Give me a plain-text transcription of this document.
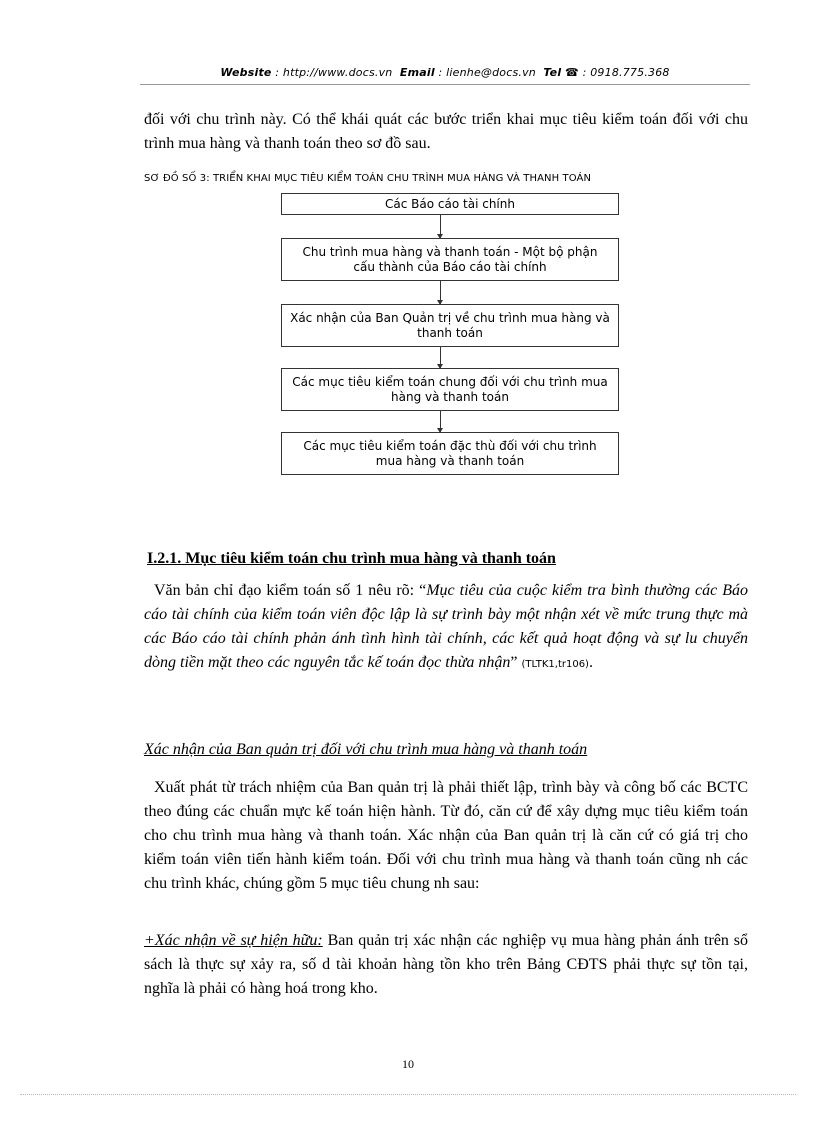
Website : http://www.docs.vn Email : lienhe@docs.vn Tel ☎ : 0918.775.368
đối với chu trình này. Có thể khái quát các bước triển khai mục tiêu kiểm toán đối với chu trình mua hàng và thanh toán theo sơ đồ sau.
SƠ ĐỒ SỐ 3: TRIỂN KHAI MỤC TIÊU KIỂM TOÁN CHU TRÌNH MUA HÀNG VÀ THANH TOÁN
Các Báo cáo tài chính
Chu trình mua hàng và thanh toán - Một bộ phận cấu thành của Báo cáo tài chính
Xác nhận của Ban Quản trị về chu trình mua hàng và thanh toán
Các mục tiêu kiểm toán chung đối với chu trình mua hàng và thanh toán
Các mục tiêu kiểm toán đặc thù đối với chu trình mua hàng và thanh toán
I.2.1. Mục tiêu kiểm toán chu trình mua hàng và thanh toán
Văn bản chỉ đạo kiểm toán số 1 nêu rõ: “Mục tiêu của cuộc kiểm tra bình thường các Báo cáo tài chính của kiểm toán viên độc lập là sự trình bày một nhận xét về mức trung thực mà các Báo cáo tài chính phản ánh tình hình tài chính, các kết quả hoạt động và sự lu chuyển dòng tiền mặt theo các nguyên tắc kế toán đọc thừa nhận” (TLTK1,tr106).
Xác nhận của Ban quản trị đối với chu trình mua hàng và thanh toán
Xuất phát từ trách nhiệm của Ban quản trị là phải thiết lập, trình bày và công bố các BCTC theo đúng các chuẩn mực kế toán hiện hành. Từ đó, căn cứ để xây dựng mục tiêu kiểm toán cho chu trình mua hàng và thanh toán. Xác nhận của Ban quản trị là căn cứ có giá trị cho kiểm toán viên tiến hành kiểm toán. Đối với chu trình mua hàng và thanh toán cũng nh các chu trình khác, chúng gồm 5 mục tiêu chung nh sau:
+Xác nhận về sự hiện hữu: Ban quản trị xác nhận các nghiệp vụ mua hàng phản ánh trên sổ sách là thực sự xảy ra, số d tài khoản hàng tồn kho trên Bảng CĐTS phải thực sự tồn tại, nghĩa là phải có hàng hoá trong kho.
10
